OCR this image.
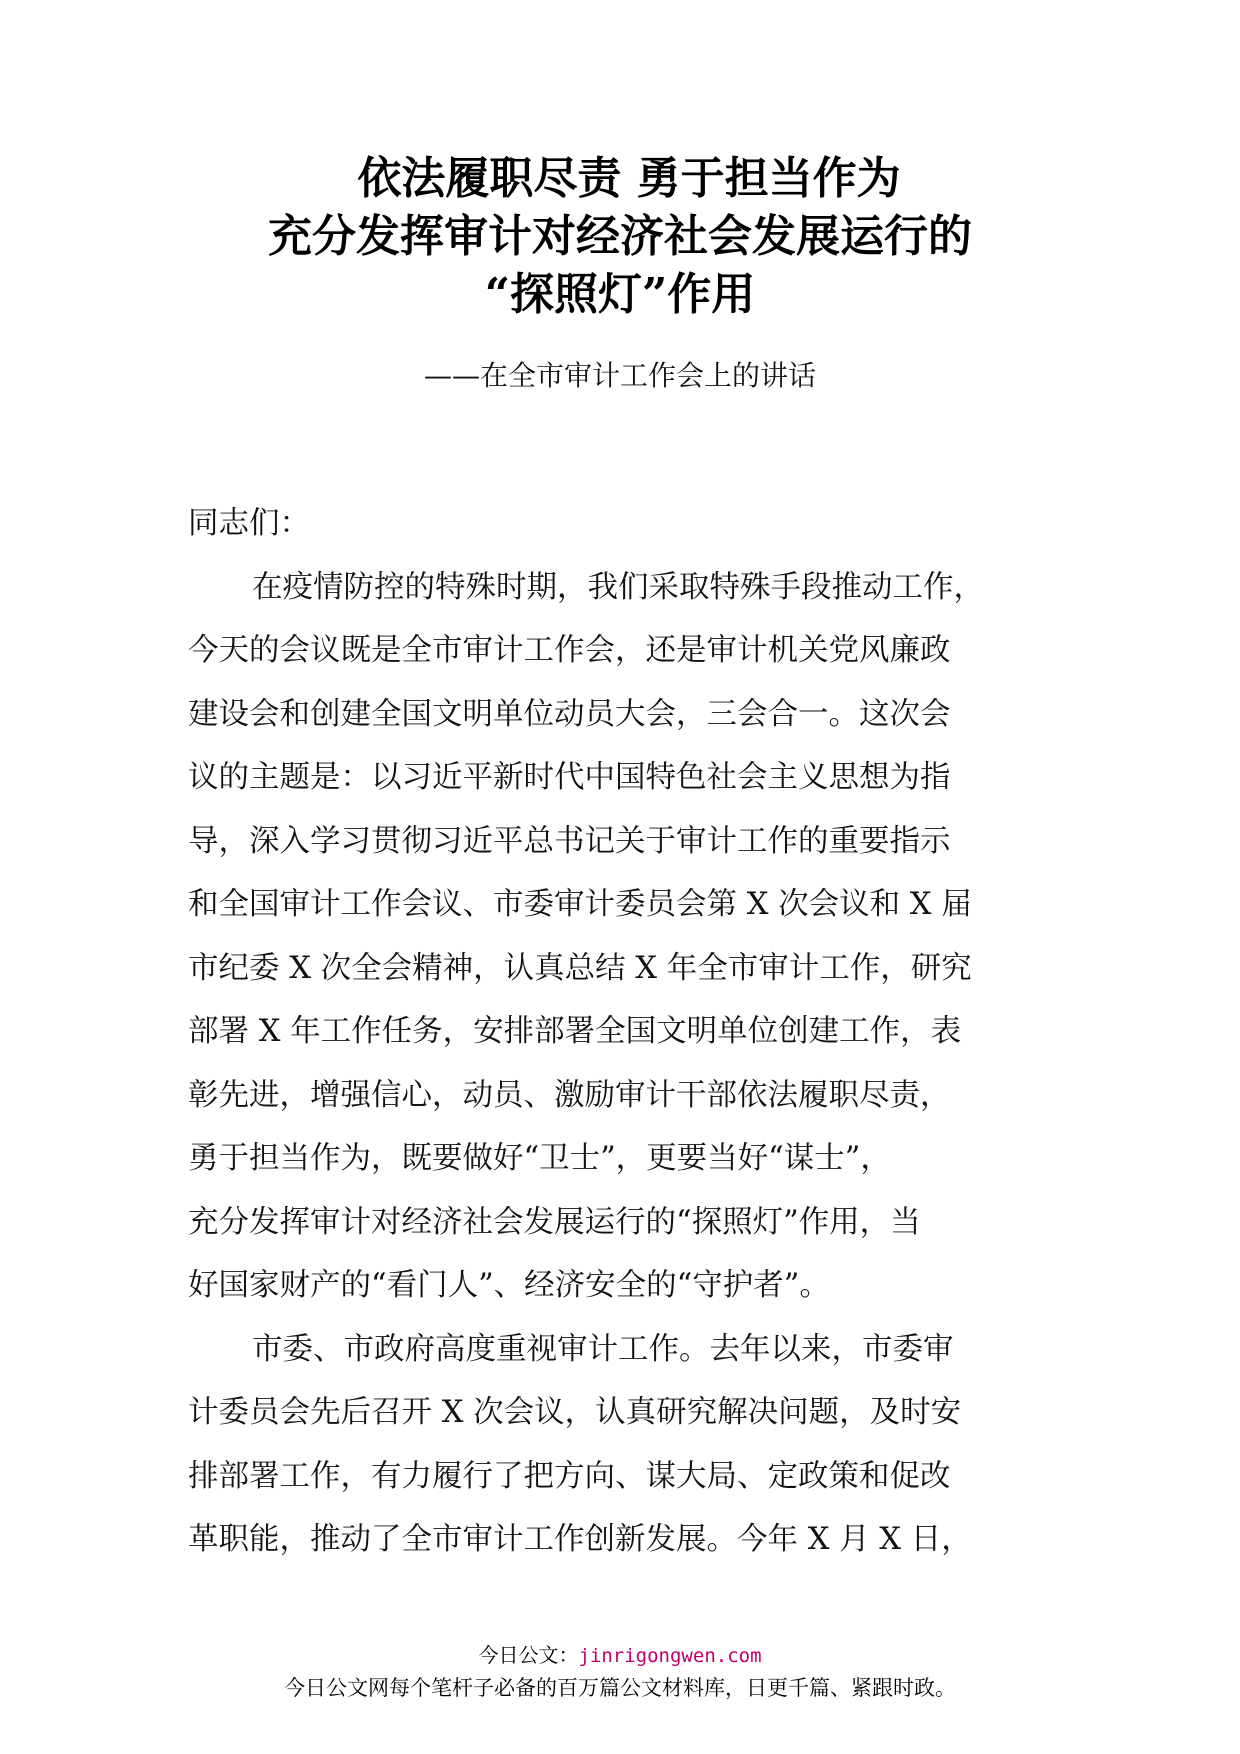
依法履职尽责 勇于担当作为
充分发挥审计对经济社会发展运行的
“探照灯”作用
——在全市审计工作会上的讲话
同志们：
在疫情防控的特殊时期，我们采取特殊手段推动工作，
今天的会议既是全市审计工作会，还是审计机关党风廉政
建设会和创建全国文明单位动员大会，三会合一。这次会
议的主题是：以习近平新时代中国特色社会主义思想为指
导，深入学习贯彻习近平总书记关于审计工作的重要指示
和全国审计工作会议、市委审计委员会第 X 次会议和 X 届
市纪委 X 次全会精神，认真总结 X 年全市审计工作，研究
部署 X 年工作任务，安排部署全国文明单位创建工作，表
彰先进，增强信心，动员、激励审计干部依法履职尽责，
勇于担当作为，既要做好“卫士”，更要当好“谋士”，
充分发挥审计对经济社会发展运行的“探照灯”作用，当
好国家财产的“看门人”、经济安全的“守护者”。
市委、市政府高度重视审计工作。去年以来，市委审
计委员会先后召开 X 次会议，认真研究解决问题，及时安
排部署工作，有力履行了把方向、谋大局、定政策和促改
革职能，推动了全市审计工作创新发展。今年 X 月 X 日，
今日公文：jinrigongwen.com
今日公文网每个笔杆子必备的百万篇公文材料库，日更千篇、紧跟时政。
